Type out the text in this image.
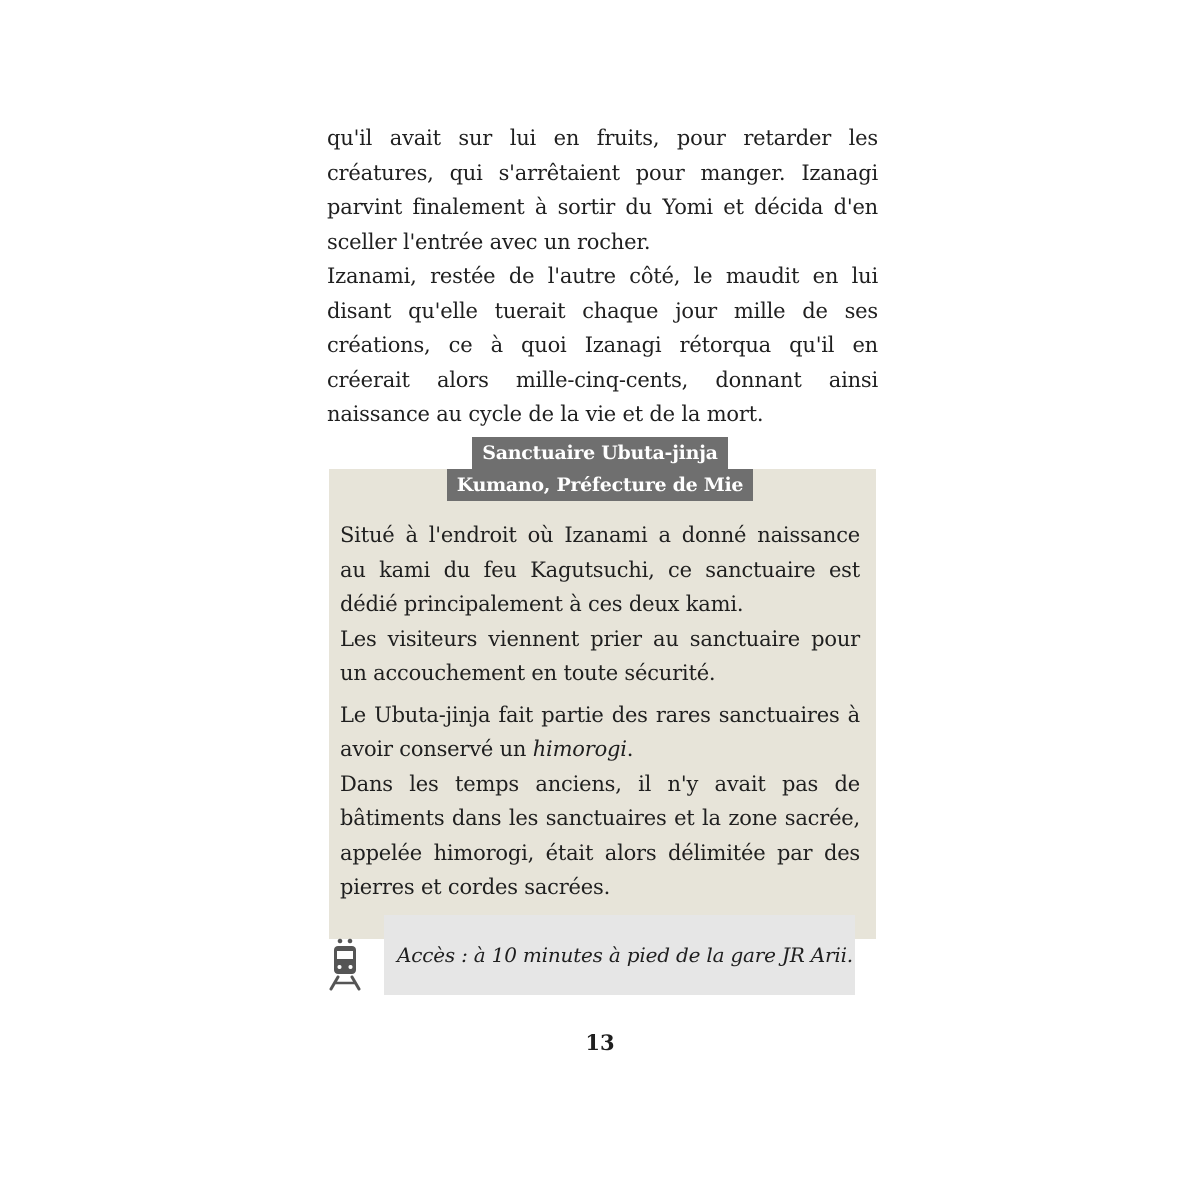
qu'il avait sur lui en fruits, pour retarder les créatures, qui s'arrêtaient pour manger. Izanagi parvint finalement à sortir du Yomi et décida d'en sceller l'entrée avec un rocher.

Izanami, restée de l'autre côté, le maudit en lui disant qu'elle tuerait chaque jour mille de ses créations, ce à quoi Izanagi rétorqua qu'il en créerait alors mille-cinq-cents, donnant ainsi naissance au cycle de la vie et de la mort.

Sanctuaire Ubuta-jinja
Kumano, Préfecture de Mie

Situé à l'endroit où Izanami a donné naissance au kami du feu Kagutsuchi, ce sanctuaire est dédié principalement à ces deux kami.

Les visiteurs viennent prier au sanctuaire pour un accouchement en toute sécurité.

Le Ubuta-jinja fait partie des rares sanctuaires à avoir conservé un himorogi.

Dans les temps anciens, il n'y avait pas de bâtiments dans les sanctuaires et la zone sacrée, appelée himorogi, était alors délimitée par des pierres et cordes sacrées.

Accès : à 10 minutes à pied de la gare JR Arii.
13
